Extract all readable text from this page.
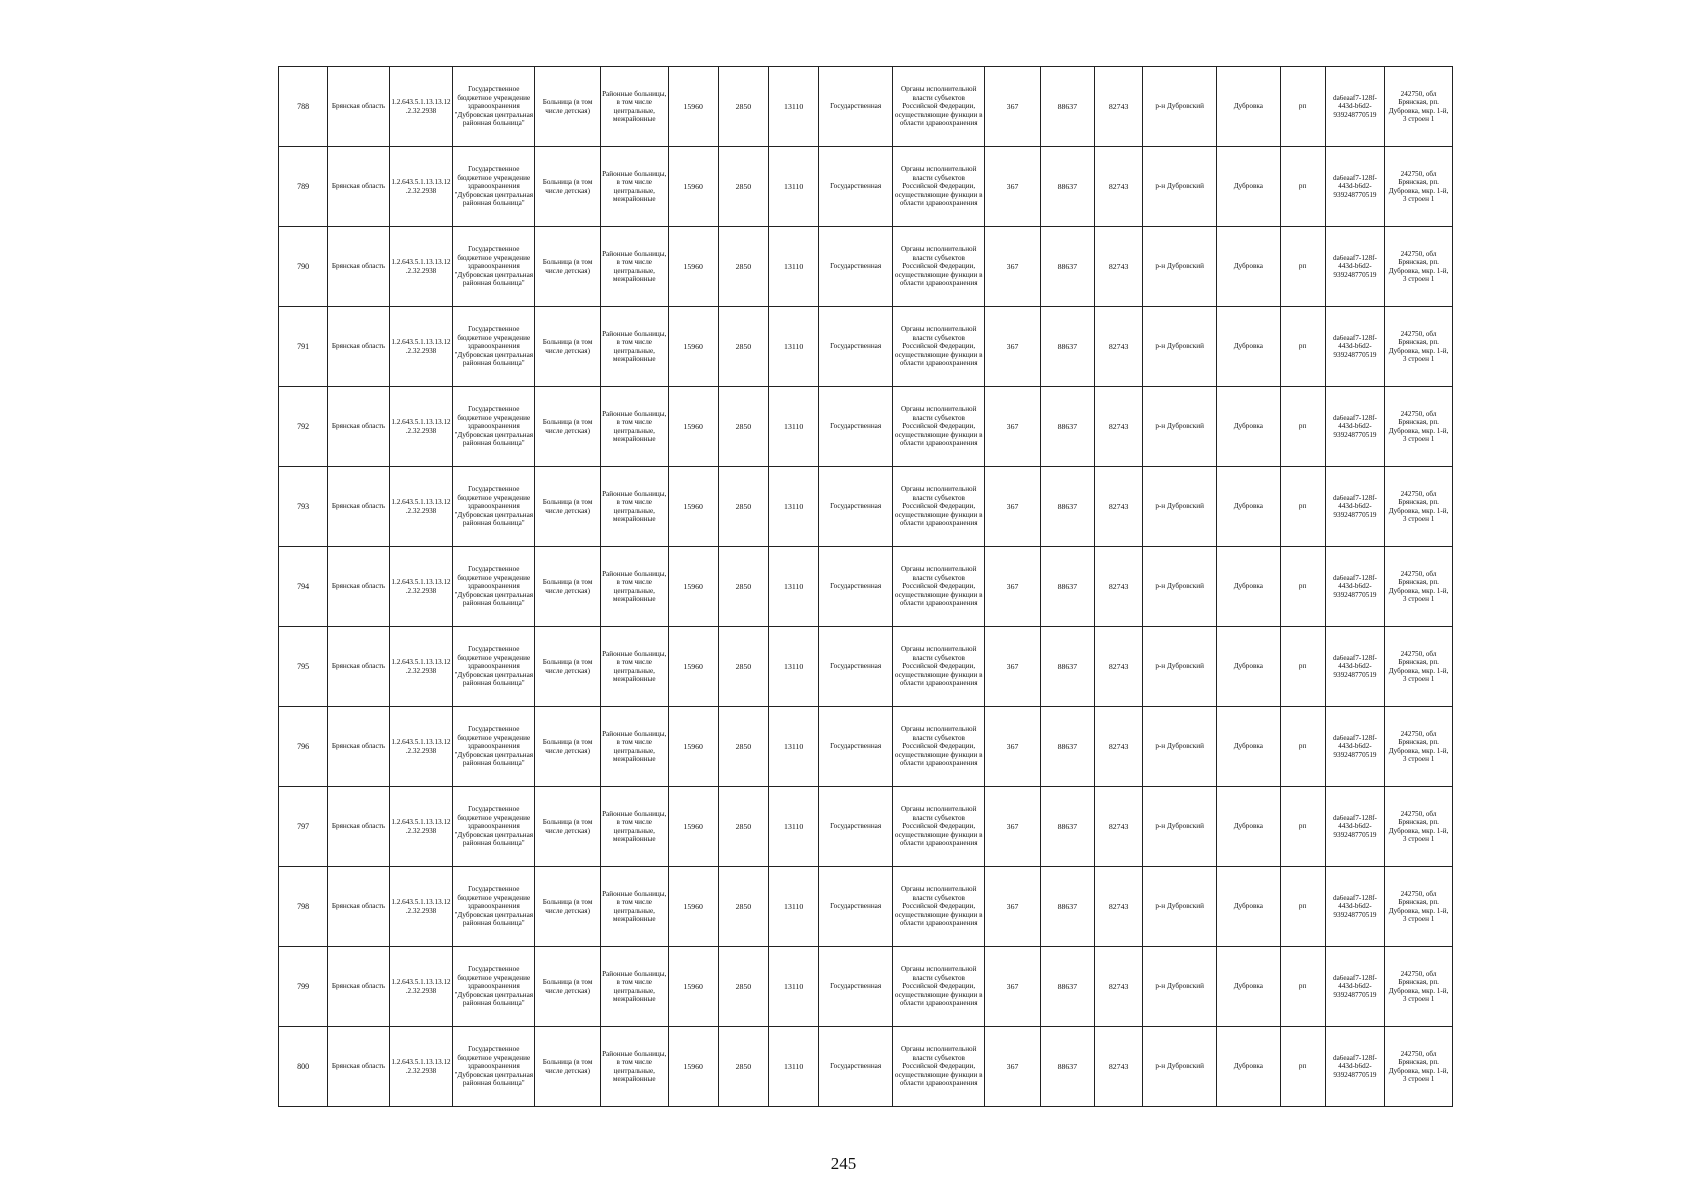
788	Брянская область	1.2.643.5.1.13.13.12.2.32.2938	Государственное бюджетное учреждение здравоохранения "Дубровская центральная районная больница"	Больница (в том числе детская)	Районные больницы, в том числе центральные, межрайонные	15960	2850	13110	Государственная	Органы исполнительной власти субъектов Российской Федерации, осуществляющие функции в области здравоохранения	367	88637	82743	р-н Дубровский	Дубровка	рп	da6eaaf7-128f-443d-b6d2-939248770519	242750, обл Брянская, рп. Дубровка, мкр. 1-й, 3 строен 1
789	Брянская область	1.2.643.5.1.13.13.12.2.32.2938	Государственное бюджетное учреждение здравоохранения "Дубровская центральная районная больница"	Больница (в том числе детская)	Районные больницы, в том числе центральные, межрайонные	15960	2850	13110	Государственная	Органы исполнительной власти субъектов Российской Федерации, осуществляющие функции в области здравоохранения	367	88637	82743	р-н Дубровский	Дубровка	рп	da6eaaf7-128f-443d-b6d2-939248770519	242750, обл Брянская, рп. Дубровка, мкр. 1-й, 3 строен 1
790	Брянская область	1.2.643.5.1.13.13.12.2.32.2938	Государственное бюджетное учреждение здравоохранения "Дубровская центральная районная больница"	Больница (в том числе детская)	Районные больницы, в том числе центральные, межрайонные	15960	2850	13110	Государственная	Органы исполнительной власти субъектов Российской Федерации, осуществляющие функции в области здравоохранения	367	88637	82743	р-н Дубровский	Дубровка	рп	da6eaaf7-128f-443d-b6d2-939248770519	242750, обл Брянская, рп. Дубровка, мкр. 1-й, 3 строен 1
791	Брянская область	1.2.643.5.1.13.13.12.2.32.2938	Государственное бюджетное учреждение здравоохранения "Дубровская центральная районная больница"	Больница (в том числе детская)	Районные больницы, в том числе центральные, межрайонные	15960	2850	13110	Государственная	Органы исполнительной власти субъектов Российской Федерации, осуществляющие функции в области здравоохранения	367	88637	82743	р-н Дубровский	Дубровка	рп	da6eaaf7-128f-443d-b6d2-939248770519	242750, обл Брянская, рп. Дубровка, мкр. 1-й, 3 строен 1
792	Брянская область	1.2.643.5.1.13.13.12.2.32.2938	Государственное бюджетное учреждение здравоохранения "Дубровская центральная районная больница"	Больница (в том числе детская)	Районные больницы, в том числе центральные, межрайонные	15960	2850	13110	Государственная	Органы исполнительной власти субъектов Российской Федерации, осуществляющие функции в области здравоохранения	367	88637	82743	р-н Дубровский	Дубровка	рп	da6eaaf7-128f-443d-b6d2-939248770519	242750, обл Брянская, рп. Дубровка, мкр. 1-й, 3 строен 1
793	Брянская область	1.2.643.5.1.13.13.12.2.32.2938	Государственное бюджетное учреждение здравоохранения "Дубровская центральная районная больница"	Больница (в том числе детская)	Районные больницы, в том числе центральные, межрайонные	15960	2850	13110	Государственная	Органы исполнительной власти субъектов Российской Федерации, осуществляющие функции в области здравоохранения	367	88637	82743	р-н Дубровский	Дубровка	рп	da6eaaf7-128f-443d-b6d2-939248770519	242750, обл Брянская, рп. Дубровка, мкр. 1-й, 3 строен 1
794	Брянская область	1.2.643.5.1.13.13.12.2.32.2938	Государственное бюджетное учреждение здравоохранения "Дубровская центральная районная больница"	Больница (в том числе детская)	Районные больницы, в том числе центральные, межрайонные	15960	2850	13110	Государственная	Органы исполнительной власти субъектов Российской Федерации, осуществляющие функции в области здравоохранения	367	88637	82743	р-н Дубровский	Дубровка	рп	da6eaaf7-128f-443d-b6d2-939248770519	242750, обл Брянская, рп. Дубровка, мкр. 1-й, 3 строен 1
795	Брянская область	1.2.643.5.1.13.13.12.2.32.2938	Государственное бюджетное учреждение здравоохранения "Дубровская центральная районная больница"	Больница (в том числе детская)	Районные больницы, в том числе центральные, межрайонные	15960	2850	13110	Государственная	Органы исполнительной власти субъектов Российской Федерации, осуществляющие функции в области здравоохранения	367	88637	82743	р-н Дубровский	Дубровка	рп	da6eaaf7-128f-443d-b6d2-939248770519	242750, обл Брянская, рп. Дубровка, мкр. 1-й, 3 строен 1
796	Брянская область	1.2.643.5.1.13.13.12.2.32.2938	Государственное бюджетное учреждение здравоохранения "Дубровская центральная районная больница"	Больница (в том числе детская)	Районные больницы, в том числе центральные, межрайонные	15960	2850	13110	Государственная	Органы исполнительной власти субъектов Российской Федерации, осуществляющие функции в области здравоохранения	367	88637	82743	р-н Дубровский	Дубровка	рп	da6eaaf7-128f-443d-b6d2-939248770519	242750, обл Брянская, рп. Дубровка, мкр. 1-й, 3 строен 1
797	Брянская область	1.2.643.5.1.13.13.12.2.32.2938	Государственное бюджетное учреждение здравоохранения "Дубровская центральная районная больница"	Больница (в том числе детская)	Районные больницы, в том числе центральные, межрайонные	15960	2850	13110	Государственная	Органы исполнительной власти субъектов Российской Федерации, осуществляющие функции в области здравоохранения	367	88637	82743	р-н Дубровский	Дубровка	рп	da6eaaf7-128f-443d-b6d2-939248770519	242750, обл Брянская, рп. Дубровка, мкр. 1-й, 3 строен 1
798	Брянская область	1.2.643.5.1.13.13.12.2.32.2938	Государственное бюджетное учреждение здравоохранения "Дубровская центральная районная больница"	Больница (в том числе детская)	Районные больницы, в том числе центральные, межрайонные	15960	2850	13110	Государственная	Органы исполнительной власти субъектов Российской Федерации, осуществляющие функции в области здравоохранения	367	88637	82743	р-н Дубровский	Дубровка	рп	da6eaaf7-128f-443d-b6d2-939248770519	242750, обл Брянская, рп. Дубровка, мкр. 1-й, 3 строен 1
799	Брянская область	1.2.643.5.1.13.13.12.2.32.2938	Государственное бюджетное учреждение здравоохранения "Дубровская центральная районная больница"	Больница (в том числе детская)	Районные больницы, в том числе центральные, межрайонные	15960	2850	13110	Государственная	Органы исполнительной власти субъектов Российской Федерации, осуществляющие функции в области здравоохранения	367	88637	82743	р-н Дубровский	Дубровка	рп	da6eaaf7-128f-443d-b6d2-939248770519	242750, обл Брянская, рп. Дубровка, мкр. 1-й, 3 строен 1
800	Брянская область	1.2.643.5.1.13.13.12.2.32.2938	Государственное бюджетное учреждение здравоохранения "Дубровская центральная районная больница"	Больница (в том числе детская)	Районные больницы, в том числе центральные, межрайонные	15960	2850	13110	Государственная	Органы исполнительной власти субъектов Российской Федерации, осуществляющие функции в области здравоохранения	367	88637	82743	р-н Дубровский	Дубровка	рп	da6eaaf7-128f-443d-b6d2-939248770519	242750, обл Брянская, рп. Дубровка, мкр. 1-й, 3 строен 1
245
